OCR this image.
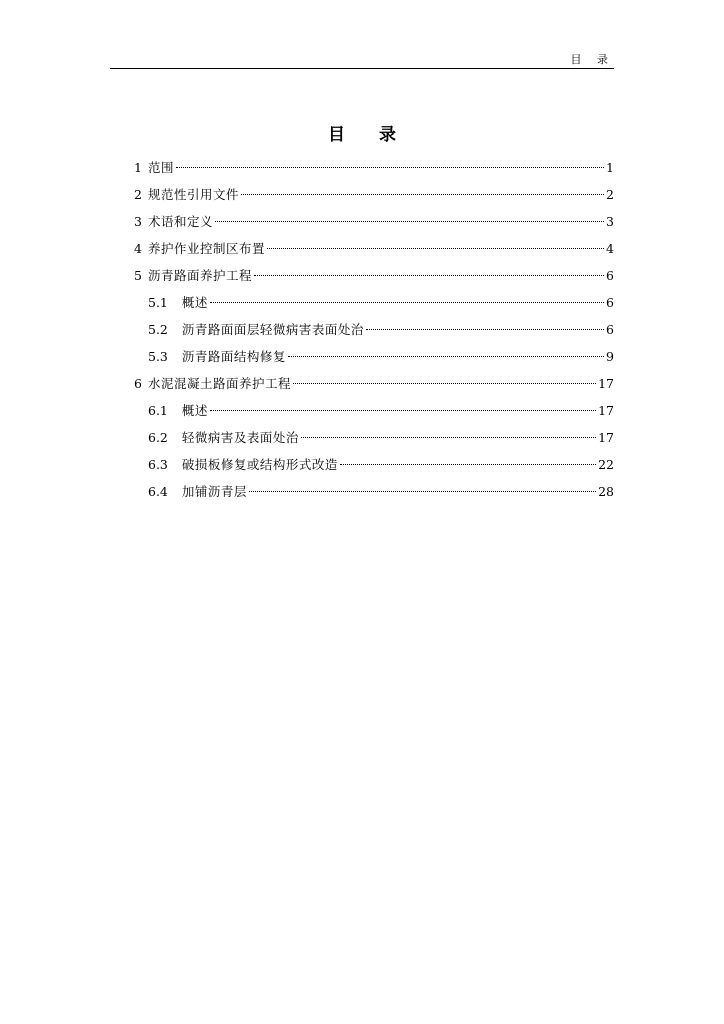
目 录
目 录
1 范围	1
2 规范性引用文件	2
3 术语和定义	3
4 养护作业控制区布置	4
5 沥青路面养护工程	6
5.1 概述	6
5.2 沥青路面面层轻微病害表面处治	6
5.3 沥青路面结构修复	9
6 水泥混凝土路面养护工程	17
6.1 概述	17
6.2 轻微病害及表面处治	17
6.3 破损板修复或结构形式改造	22
6.4 加铺沥青层	28
